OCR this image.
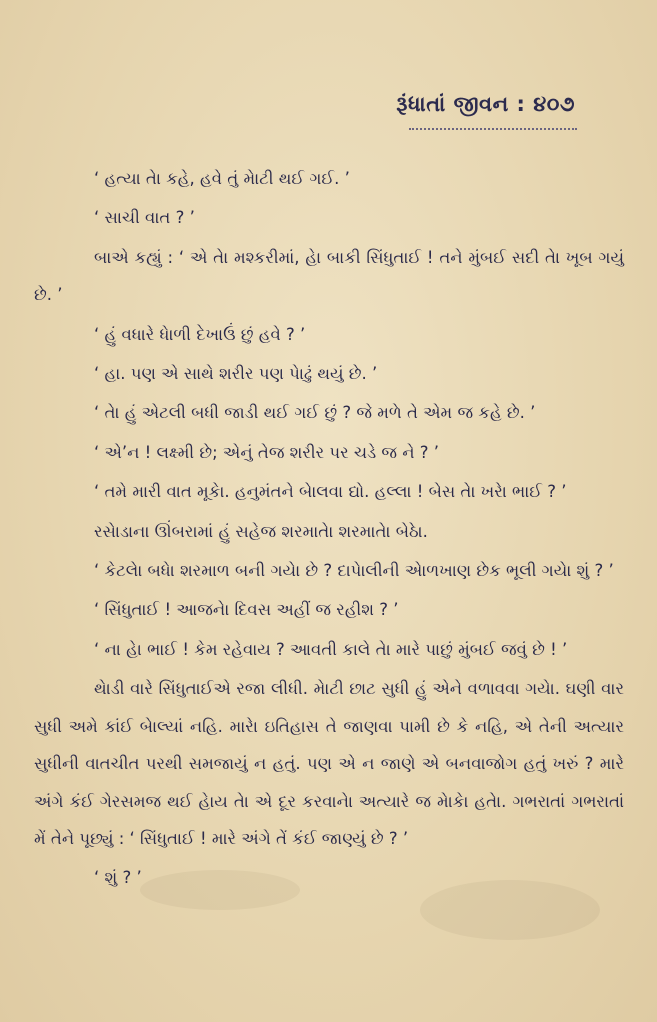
રૂંધાતાં જીવન : ૪૦૭

‘ હત્યા તેા કહે, હવે તું મેાટી થઈ ગઈ. ’

‘ સાચી વાત ? ’

બાએ કહ્યું : ‘ એ તેા મશ્કરીમાં, હેા બાકી સિંધુતાઈ ! તને મુંબઈ સદી તેા ખૂબ ગયું છે. ’

‘ હું વધારે ધેાળી દેખાઉં છું હવે ? ’

‘ હા. પણ એ સાથે શરીર પણ પેાઢું થયું છે. ’

‘ તેા હું એટલી બધી જાડી થઈ ગઈ છું ? જે મળે તે એમ જ કહે છે. ’

‘ એ’ન ! લક્ષ્મી છે; એનું તેજ શરીર પર ચડે જ ને ? ’

‘ તમે મારી વાત મૂકેા. હનુમંતને બેાલવા દ્યો. હલ્લા ! બેસ તેા ખરેા ભાઈ ? ’

રસેાડાના ઊંબરામાં હું સહેજ શરમાતેા શરમાતેા બેઠેા.

‘ કેટલેા બધેા શરમાળ બની ગયેા છે ? દાપેાલીની એાળખાણ છેક ભૂલી ગયેા શું ? ’

‘ સિંધુતાઈ ! આજનેા દિવસ અહીં જ રહીશ ? ’

‘ ના હેા ભાઈ ! કેમ રહેવાય ? આવતી કાલે તેા મારે પાછું મુંબઈ જવું છે ! ’

થેાડી વારે સિંધુતાઈએ રજા લીધી. મેાટી છાટ સુધી હું એને વળાવવા ગયેા. ઘણી વાર સુધી અમે કાંઈ બેાલ્યાં નહિ. મારેા ઇતિહાસ તે જાણવા પામી છે કે નહિ, એ તેની અત્યાર સુધીની વાતચીત પરથી સમજાયું ન હતું. પણ એ ન જાણે એ બનવાજોગ હતું ખરું ? મારે અંગે કંઈ ગેરસમજ થઈ હેાય તેા એ દૂર કરવાનેા અત્યારે જ મેાકેા હતેા. ગભરાતાં ગભરાતાં મેં તેને પૂછ્યું : ‘ સિંધુતાઈ ! મારે અંગે તેં કંઈ જાણ્યું છે ? ’

‘ શું ? ’
